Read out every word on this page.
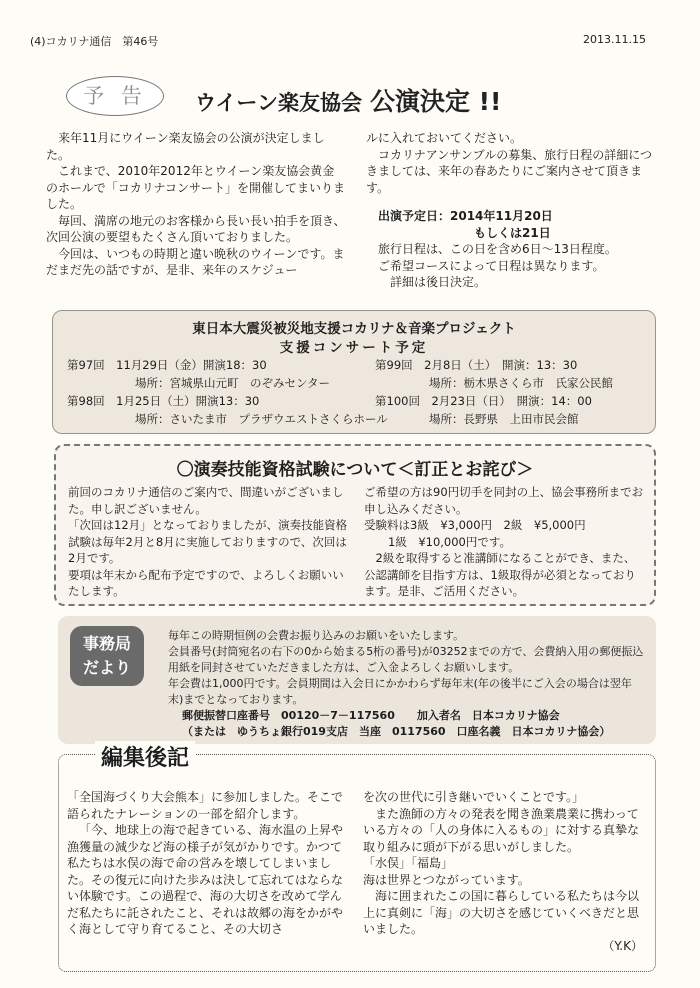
(4)コカリナ通信　第46号	2013.11.15
予 告	ウイーン楽友協会 公演決定 !!

来年11月にウイーン楽友協会の公演が決定しました。

これまで、2010年2012年とウイーン楽友協会黄金のホールで「コカリナコンサート」を開催してまいりました。

毎回、満席の地元のお客様から長い長い拍手を頂き、次回公演の要望もたくさん頂いておりました。

今回は、いつもの時期と違い晩秋のウイーンです。まだまだ先の話ですが、是非、来年のスケジュー

ルに入れておいてください。

コカリナアンサンブルの募集、旅行日程の詳細につきましては、来年の春あたりにご案内させて頂きます。

出演予定日：2014年11月20日

もしくは21日

旅行日程は、この日を含め6日～13日程度。

ご希望コースによって日程は異なります。

詳細は後日決定。

東日本大震災被災地支援コカリナ＆音楽プロジェクト
支援コンサート予定
第97回　11月29日（金）開演18：30
場所：宮城県山元町　のぞみセンター
第98回　1月25日（土）開演13：30
場所：さいたま市　プラザウエストさくらホール
第99回　2月8日（土）　開演：13：30
場所：栃木県さくら市　氏家公民館
第100回　2月23日（日）　開演：14：00
場所：長野県　上田市民会館
〇演奏技能資格試験について＜訂正とお詫び＞

前回のコカリナ通信のご案内で、間違いがございました。申し訳ございません。

「次回は12月」となっておりましたが、演奏技能資格試験は毎年2月と8月に実施しておりますので、次回は2月です。

要項は年末から配布予定ですので、よろしくお願いいたします。

ご希望の方は90円切手を同封の上、協会事務所までお申し込みください。

受験料は3級　¥3,000円　2級　¥5,000円

1級　¥10,000円です。

2級を取得すると准講師になることができ、また、公認講師を目指す方は、1級取得が必須となっております。是非、ご活用ください。

事務局
だより

毎年この時期恒例の会費お振り込みのお願いをいたします。

会員番号(封筒宛名の右下の0から始まる5桁の番号)が03252までの方で、会費納入用の郵便振込用紙を同封させていただきました方は、ご入金よろしくお願いします。

年会費は1,000円です。会員期間は入会日にかかわらず毎年末(年の後半にご入会の場合は翌年末)までとなっております。

郵便振替口座番号　00120－7－117560　　加入者名　日本コカリナ協会

（または　ゆうちょ銀行019支店　当座　0117560　口座名義　日本コカリナ協会）

編集後記

「全国海づくり大会熊本」に参加しました。そこで語られたナレーションの一部を紹介します。

「今、地球上の海で起きている、海水温の上昇や漁獲量の減少など海の様子が気がかりです。かつて私たちは水俣の海で命の営みを壊してしまいました。その復元に向けた歩みは決して忘れてはならない体験です。この過程で、海の大切さを改めて学んだ私たちに託されたこと、それは故郷の海をかがやく海として守り育てること、その大切さ

を次の世代に引き継いでいくことです。」

また漁師の方々の発表を聞き漁業農業に携わっている方々の「人の身体に入るもの」に対する真摯な取り組みに頭が下がる思いがしました。

「水俣」「福島」

海は世界とつながっています。

海に囲まれたこの国に暮らしている私たちは今以上に真剣に「海」の大切さを感じていくべきだと思いました。

（Y.K）
